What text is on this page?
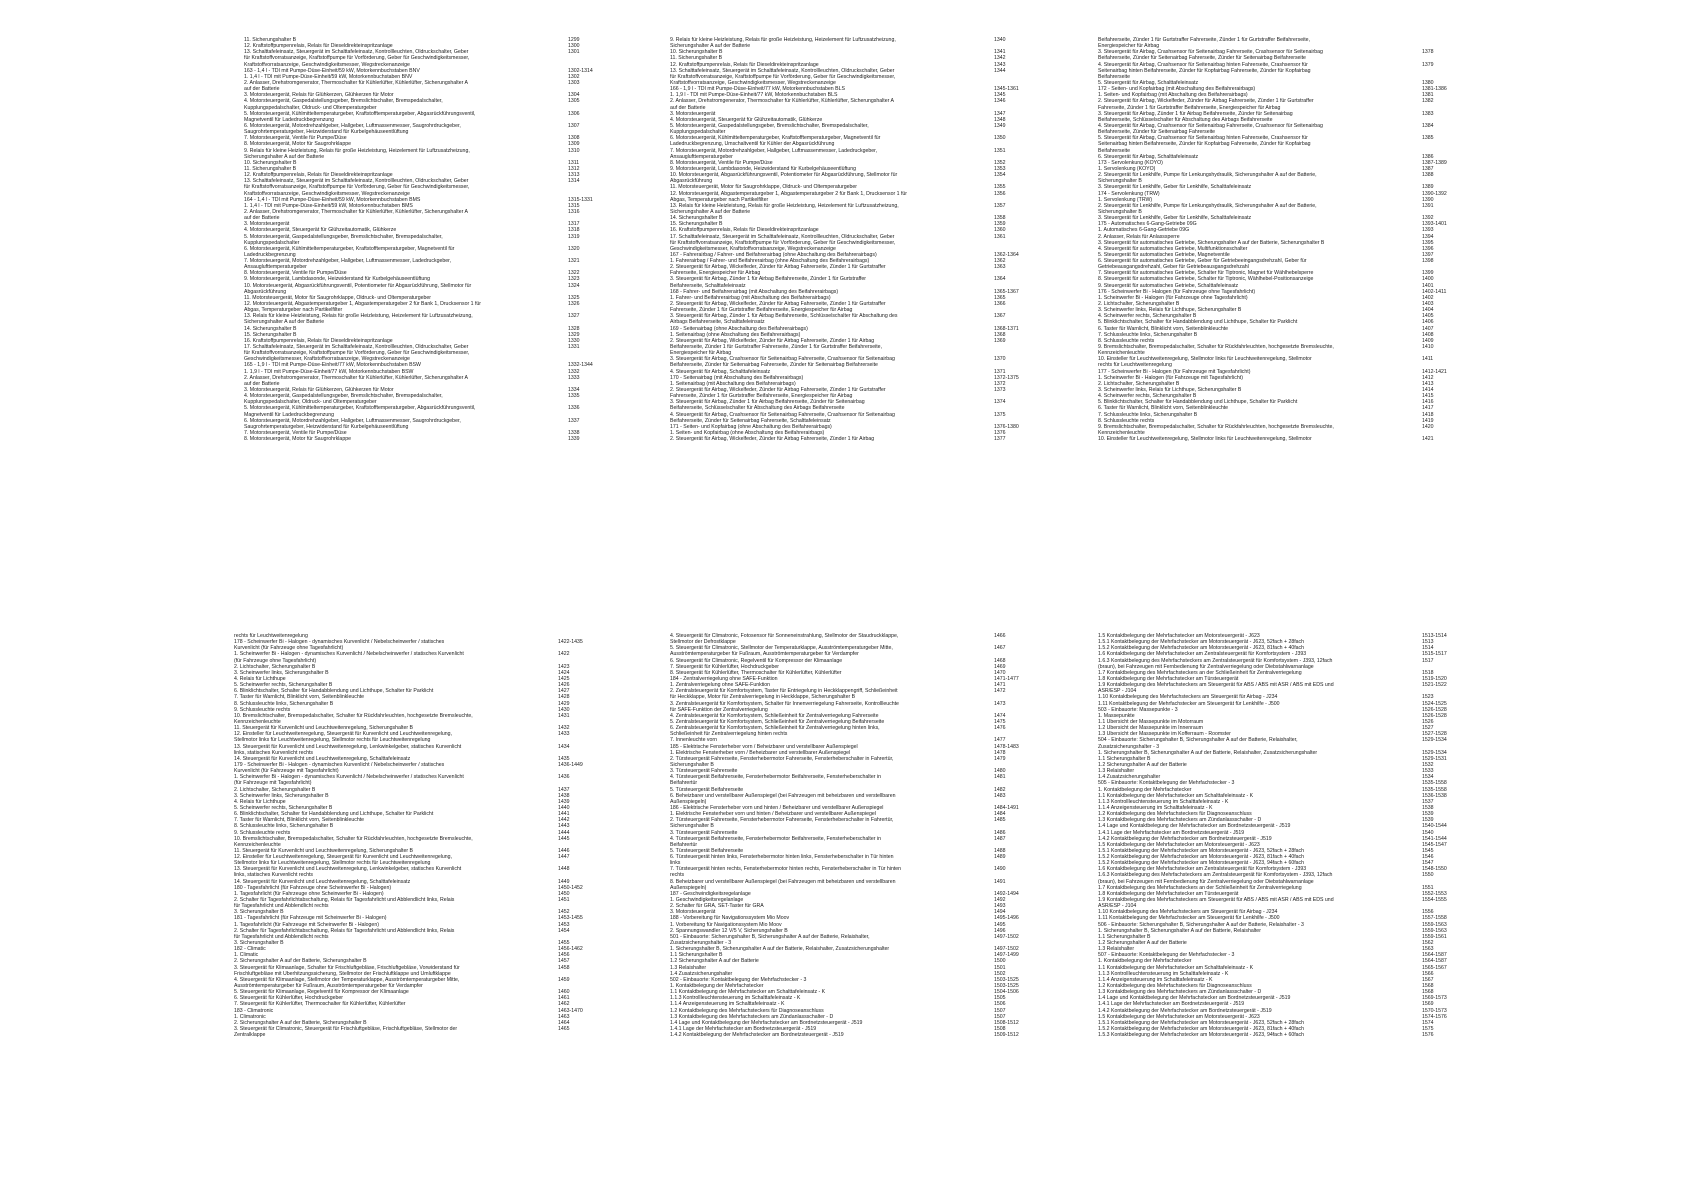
11. Sicherungshalter B	1299
12. Kraftstoffpumpenrelais, Relais für Dieseldirekteinspritzanlage	1300
13. Schalttafeleinsatz, Steuergerät im Schalttafeleinsatz, Kontrollleuchten, Öldruckschalter, Geber	1301
für Kraftstoffvorratsanzeige, Kraftstoffpumpe für Vorförderung, Geber für Geschwindigkeitsmesser,
Kraftstoffvorratsanzeige, Geschwindigkeitsmesser, Wegstreckenanzeige
163 - 1,4 l - TDI mit Pumpe-Düse-Einheit/59 kW, Motorkennbuchstaben BNV	1302-1314
1. 1,4 l - TDI mit Pumpe-Düse-Einheit/59 kW, Motorkennbuchstaben BNV	1302
2. Anlasser, Drehstromgenerator, Thermoschalter für Kühlerlüfter, Kühlerlüfter, Sicherungshalter A	1303
auf der Batterie
3. Motorsteuergerät, Relais für Glühkerzen, Glühkerzen für Motor	1304
4. Motorsteuergerät, Gaspedalstellungsgeber, Bremslichtschalter, Bremspedalschalter,	1305
Kupplungspedalschalter, Öldruck- und Öltemperaturgeber
5. Motorsteuergerät, Kühlmitteltemperaturgeber, Kraftstofftemperaturgeber, Abgasrückführungsventil,	1306
Magnetventil für Ladedruckbegrenzung
6. Motorsteuergerät, Motordrehzahlgeber, Hallgeber, Luftmassenmesser, Saugrohrdruckgeber,	1307
Saugrohrtemperaturgeber, Heizwiderstand für Kurbelgehäuseentlüftung
7. Motorsteuergerät, Ventile für Pumpe/Düse	1308
8. Motorsteuergerät, Motor für Saugrohrklappe	1309
9. Relais für kleine Heizleistung, Relais für große Heizleistung, Heizelement für Luftzusatzheizung,	1310
Sicherungshalter A auf der Batterie
10. Sicherungshalter B	1311
11. Sicherungshalter B	1312
12. Kraftstoffpumpenrelais, Relais für Dieseldirekteinspritzanlage	1313
13. Schalttafeleinsatz, Steuergerät im Schalttafeleinsatz, Kontrollleuchten, Öldruckschalter, Geber	1314
für Kraftstoffvorratsanzeige, Kraftstoffpumpe für Vorförderung, Geber für Geschwindigkeitsmesser,
Kraftstoffvorratsanzeige, Geschwindigkeitsmesser, Wegstreckenanzeige
164 - 1,4 l - TDI mit Pumpe-Düse-Einheit/59 kW, Motorkennbuchstaben BMS	1315-1331
1. 1,4 l - TDI mit Pumpe-Düse-Einheit/59 kW, Motorkennbuchstaben BMS	1315
2. Anlasser, Drehstromgenerator, Thermoschalter für Kühlerlüfter, Kühlerlüfter, Sicherungshalter A	1316
auf der Batterie
3. Motorsteuergerät	1317
4. Motorsteuergerät, Steuergerät für Glühzeitautomatik, Glühkerze	1318
5. Motorsteuergerät, Gaspedalstellungsgeber, Bremslichtschalter, Bremspedalschalter,	1319
Kupplungspedalschalter
6. Motorsteuergerät, Kühlmitteltemperaturgeber, Kraftstofftemperaturgeber, Magnetventil für	1320
Ladedruckbegrenzung
7. Motorsteuergerät, Motordrehzahlgeber, Hallgeber, Luftmassenmesser, Ladedruckgeber,	1321
Ansauglufttemperaturgeber
8. Motorsteuergerät, Ventile für Pumpe/Düse	1322
9. Motorsteuergerät, Lambdasonde, Heizwiderstand für Kurbelgehäuseentlüftung	1323
10. Motorsteuergerät, Abgasrückführungsventil, Potentiometer für Abgasrückführung, Stellmotor für	1324
Abgasrückführung
11. Motorsteuergerät, Motor für Saugrohrklappe, Öldruck- und Öltemperaturgeber	1325
12. Motorsteuergerät, Abgastemperaturgeber 1, Abgastemperaturgeber 2 für Bank 1, Drucksensor 1 für	1326
Abgas, Temperaturgeber nach Partikelfilter
13. Relais für kleine Heizleistung, Relais für große Heizleistung, Heizelement für Luftzusatzheizung,	1327
Sicherungshalter A auf der Batterie
14. Sicherungshalter B	1328
15. Sicherungshalter B	1329
16. Kraftstoffpumpenrelais, Relais für Dieseldirekteinspritzanlage	1330
17. Schalttafeleinsatz, Steuergerät im Schalttafeleinsatz, Kontrollleuchten, Öldruckschalter, Geber	1331
für Kraftstoffvorratsanzeige, Kraftstoffpumpe für Vorförderung, Geber für Geschwindigkeitsmesser,
Geschwindigkeitsmesser, Kraftstoffvorratsanzeige, Wegstreckenanzeige
165 - 1,9 l - TDI mit Pumpe-Düse-Einheit/77 kW, Motorkennbuchstaben BSW	1332-1344
1. 1,9 l - TDI mit Pumpe-Düse-Einheit/77 kW, Motorkennbuchstaben BSW	1332
2. Anlasser, Drehstromgenerator, Thermoschalter für Kühlerlüfter, Kühlerlüfter, Sicherungshalter A	1333
auf der Batterie
3. Motorsteuergerät, Relais für Glühkerzen, Glühkerzen für Motor	1334
4. Motorsteuergerät, Gaspedalstellungsgeber, Bremslichtschalter, Bremspedalschalter,	1335
Kupplungspedalschalter, Öldruck- und Öltemperaturgeber
5. Motorsteuergerät, Kühlmitteltemperaturgeber, Kraftstofftemperaturgeber, Abgasrückführungsventil,	1336
Magnetventil für Ladedruckbegrenzung
6. Motorsteuergerät, Motordrehzahlgeber, Hallgeber, Luftmassenmesser, Saugrohrdruckgeber,	1337
Saugrohrtemperaturgeber, Heizwiderstand für Kurbelgehäuseentlüftung
7. Motorsteuergerät, Ventile für Pumpe/Düse	1338
8. Motorsteuergerät, Motor für Saugrohrklappe	1339
9. Relais für kleine Heizleistung, Relais für große Heizleistung, Heizelement für Luftzusatzheizung,	1340
Sicherungshalter A auf der Batterie
10. Sicherungshalter B	1341
11. Sicherungshalter B	1342
12. Kraftstoffpumpenrelais, Relais für Dieseldirekteinspritzanlage	1343
13. Schalttafeleinsatz, Steuergerät im Schalttafeleinsatz, Kontrollleuchten, Öldruckschalter, Geber	1344
für Kraftstoffvorratsanzeige, Kraftstoffpumpe für Vorförderung, Geber für Geschwindigkeitsmesser,
Kraftstoffvorratsanzeige, Geschwindigkeitsmesser, Wegstreckenanzeige
166 - 1,9 l - TDI mit Pumpe-Düse-Einheit/77 kW, Motorkennbuchstaben BLS	1345-1361
1. 1,9 l - TDI mit Pumpe-Düse-Einheit/77 kW, Motorkennbuchstaben BLS	1345
2. Anlasser, Drehstromgenerator, Thermoschalter für Kühlerlüfter, Kühlerlüfter, Sicherungshalter A	1346
auf der Batterie
3. Motorsteuergerät	1347
4. Motorsteuergerät, Steuergerät für Glühzeitautomatik, Glühkerze	1348
5. Motorsteuergerät, Gaspedalstellungsgeber, Bremslichtschalter, Bremspedalschalter,	1349
Kupplungspedalschalter
6. Motorsteuergerät, Kühlmitteltemperaturgeber, Kraftstofftemperaturgeber, Magnetventil für	1350
Ladedruckbegrenzung, Umschaltventil für Kühler der Abgasrückführung
7. Motorsteuergerät, Motordrehzahlgeber, Hallgeber, Luftmassenmesser, Ladedruckgeber,	1351
Ansauglufttemperaturgeber
8. Motorsteuergerät, Ventile für Pumpe/Düse	1352
9. Motorsteuergerät, Lambdasonde, Heizwiderstand für Kurbelgehäuseentlüftung	1353
10. Motorsteuergerät, Abgasrückführungsventil, Potentiometer für Abgasrückführung, Stellmotor für	1354
Abgasrückführung
11. Motorsteuergerät, Motor für Saugrohrklappe, Öldruck- und Öltemperaturgeber	1355
12. Motorsteuergerät, Abgastemperaturgeber 1, Abgastemperaturgeber 2 für Bank 1, Drucksensor 1 für	1356
Abgas, Temperaturgeber nach Partikelfilter
13. Relais für kleine Heizleistung, Relais für große Heizleistung, Heizelement für Luftzusatzheizung,	1357
Sicherungshalter A auf der Batterie
14. Sicherungshalter B	1358
15. Sicherungshalter B	1359
16. Kraftstoffpumpenrelais, Relais für Dieseldirekteinspritzanlage	1360
17. Schalttafeleinsatz, Steuergerät im Schalttafeleinsatz, Kontrollleuchten, Öldruckschalter, Geber	1361
für Kraftstoffvorratsanzeige, Kraftstoffpumpe für Vorförderung, Geber für Geschwindigkeitsmesser,
Geschwindigkeitsmesser, Kraftstoffvorratsanzeige, Wegstreckenanzeige
167 - Fahrerairbag / Fahrer- und Beifahrerairbag (ohne Abschaltung des Beifahrerairbags)	1362-1364
1. Fahrerairbag / Fahrer- und Beifahrerairbag (ohne Abschaltung des Beifahrerairbags)	1362
2. Steuergerät für Airbag, Wickelfeder, Zünder für Airbag Fahrerseite, Zünder 1 für Gurtstraffer	1363
Fahrerseite, Energiespeicher für Airbag
3. Steuergerät für Airbag, Zünder 1 für Airbag Beifahrerseite, Zünder 1 für Gurtstraffer	1364
Beifahrerseite, Schalttafeleinsatz
168 - Fahrer- und Beifahrerairbag (mit Abschaltung des Beifahrerairbags)	1365-1367
1. Fahrer- und Beifahrerairbag (mit Abschaltung des Beifahrerairbags)	1365
2. Steuergerät für Airbag, Wickelfeder, Zünder für Airbag Fahrerseite, Zünder 1 für Gurtstraffer	1366
Fahrerseite, Zünder 1 für Gurtstraffer Beifahrerseite, Energiespeicher für Airbag
3. Steuergerät für Airbag, Zünder 1 für Airbag Beifahrerseite, Schlüsselschalter für Abschaltung des	1367
Airbags Beifahrerseite, Schalttafeleinsatz
169 - Seitenairbag (ohne Abschaltung des Beifahrerairbags)	1368-1371
1. Seitenairbag (ohne Abschaltung des Beifahrerairbags)	1368
2. Steuergerät für Airbag, Wickelfeder, Zünder für Airbag Fahrerseite, Zünder 1 für Airbag	1369
Beifahrerseite, Zünder 1 für Gurtstraffer Fahrerseite, Zünder 1 für Gurtstraffer Beifahrerseite,
Energiespeicher für Airbag
3. Steuergerät für Airbag, Crashsensor für Seitenairbag Fahrerseite, Crashsensor für Seitenairbag	1370
Beifahrerseite, Zünder für Seitenairbag Fahrerseite, Zünder für Seitenairbag Beifahrerseite
4. Steuergerät für Airbag, Schalttafeleinsatz	1371
170 - Seitenairbag (mit Abschaltung des Beifahrerairbags)	1372-1375
1. Seitenairbag (mit Abschaltung des Beifahrerairbags)	1372
2. Steuergerät für Airbag, Wickelfeder, Zünder für Airbag Fahrerseite, Zünder 1 für Gurtstraffer	1373
Fahrerseite, Zünder 1 für Gurtstraffer Beifahrerseite, Energiespeicher für Airbag
3. Steuergerät für Airbag, Zünder 1 für Airbag Beifahrerseite, Zünder für Seitenairbag	1374
Beifahrerseite, Schlüsselschalter für Abschaltung des Airbags Beifahrerseite
4. Steuergerät für Airbag, Crashsensor für Seitenairbag Fahrerseite, Crashsensor für Seitenairbag	1375
Beifahrerseite, Zünder für Seitenairbag Fahrerseite, Schalttafeleinsatz
171 - Seiten- und Kopfairbag (ohne Abschaltung des Beifahrerairbags)	1376-1380
1. Seiten- und Kopfairbag (ohne Abschaltung des Beifahrerairbags)	1376
2. Steuergerät für Airbag, Wickelfeder, Zünder für Airbag Fahrerseite, Zünder 1 für Airbag	1377
Beifahrerseite, Zünder 1 für Gurtstraffer Fahrerseite, Zünder 1 für Gurtstraffer Beifahrerseite,
Energiespeicher für Airbag
3. Steuergerät für Airbag, Crashsensor für Seitenairbag Fahrerseite, Crashsensor für Seitenairbag	1378
Beifahrerseite, Zünder für Seitenairbag Fahrerseite, Zünder für Seitenairbag Beifahrerseite
4. Steuergerät für Airbag, Crashsensor für Seitenairbag hinten Fahrerseite, Crashsensor für	1379
Seitenairbag hinten Beifahrerseite, Zünder für Kopfairbag Fahrerseite, Zünder für Kopfairbag
Beifahrerseite
5. Steuergerät für Airbag, Schalttafeleinsatz	1380
172 - Seiten- und Kopfairbag (mit Abschaltung des Beifahrerairbags)	1381-1386
1. Seiten- und Kopfairbag (mit Abschaltung des Beifahrerairbags)	1381
2. Steuergerät für Airbag, Wickelfeder, Zünder für Airbag Fahrerseite, Zünder 1 für Gurtstraffer	1382
Fahrerseite, Zünder 1 für Gurtstraffer Beifahrerseite, Energiespeicher für Airbag
3. Steuergerät für Airbag, Zünder 1 für Airbag Beifahrerseite, Zünder für Seitenairbag	1383
Beifahrerseite, Schlüsselschalter für Abschaltung des Airbags Beifahrerseite
4. Steuergerät für Airbag, Crashsensor für Seitenairbag Fahrerseite, Crashsensor für Seitenairbag	1384
Beifahrerseite, Zünder für Seitenairbag Fahrerseite
5. Steuergerät für Airbag, Crashsensor für Seitenairbag hinten Fahrerseite, Crashsensor für	1385
Seitenairbag hinten Beifahrerseite, Zünder für Kopfairbag Fahrerseite, Zünder für Kopfairbag
Beifahrerseite
6. Steuergerät für Airbag, Schalttafeleinsatz	1386
173 - Servolenkung (KOYO)	1387-1389
1. Servolenkung (KOYO)	1387
2. Steuergerät für Lenkhilfe, Pumpe für Lenkungshydraulik, Sicherungshalter A auf der Batterie,	1388
Sicherungshalter B
3. Steuergerät für Lenkhilfe, Geber für Lenkhilfe, Schalttafeleinsatz	1389
174 - Servolenkung (TRW)	1390-1392
1. Servolenkung (TRW)	1390
2. Steuergerät für Lenkhilfe, Pumpe für Lenkungshydraulik, Sicherungshalter A auf der Batterie,	1391
Sicherungshalter B
3. Steuergerät für Lenkhilfe, Geber für Lenkhilfe, Schalttafeleinsatz	1392
175 - Automatisches 6-Gang-Getriebe 09G	1393-1401
1. Automatisches 6-Gang-Getriebe 09G	1393
2. Anlasser, Relais für Anlasssperre	1394
3. Steuergerät für automatisches Getriebe, Sicherungshalter A auf der Batterie, Sicherungshalter B	1395
4. Steuergerät für automatisches Getriebe, Multifunktionsschalter	1396
5. Steuergerät für automatisches Getriebe, Magnetventile	1397
6. Steuergerät für automatisches Getriebe, Geber für Getriebeeingangsdrehzahl, Geber für	1398
Getriebeausgangsdrehzahl, Geber für Getriebeausgangsdrehzahl
7. Steuergerät für automatisches Getriebe, Schalter für Tiptronic, Magnet für Wählhebelsperre	1399
8. Steuergerät für automatisches Getriebe, Schalter für Tiptronic, Wählhebel-Positionsanzeige	1400
9. Steuergerät für automatisches Getriebe, Schalttafeleinsatz	1401
176 - Scheinwerfer Bi - Halogen (für Fahrzeuge ohne Tagesfahrlicht)	1402-1411
1. Scheinwerfer Bi - Halogen (für Fahrzeuge ohne Tagesfahrlicht)	1402
2. Lichtschalter, Sicherungshalter B	1403
3. Scheinwerfer links, Relais für Lichthupe, Sicherungshalter B	1404
4. Scheinwerfer rechts, Sicherungshalter B	1405
5. Blinklichtschalter, Schalter für Handabblendung und Lichthupe, Schalter für Parklicht	1406
6. Taster für Warnlicht, Blinklicht vorn, Seitenblinkleuchte	1407
7. Schlussleuchte links, Sicherungshalter B	1408
8. Schlussleuchte rechts	1409
9. Bremslichtschalter, Bremspedalschalter, Schalter für Rückfahrleuchten, hochgesetzte Bremsleuchte,	1410
Kennzeichenleuchte
10. Einsteller für Leuchtweitenregelung, Stellmotor links für Leuchtweitenregelung, Stellmotor	1411
rechts für Leuchtweitenregelung
177 - Scheinwerfer Bi - Halogen (für Fahrzeuge mit Tagesfahrlicht)	1412-1421
1. Scheinwerfer Bi - Halogen (für Fahrzeuge mit Tagesfahrlicht)	1412
2. Lichtschalter, Sicherungshalter B	1413
3. Scheinwerfer links, Relais für Lichthupe, Sicherungshalter B	1414
4. Scheinwerfer rechts, Sicherungshalter B	1415
5. Blinklichtschalter, Schalter für Handabblendung und Lichthupe, Schalter für Parklicht	1416
6. Taster für Warnlicht, Blinklicht vorn, Seitenblinkleuchte	1417
7. Schlussleuchte links, Sicherungshalter B	1418
8. Schlussleuchte rechts	1419
9. Bremslichtschalter, Bremspedalschalter, Schalter für Rückfahrleuchten, hochgesetzte Bremsleuchte,	1420
Kennzeichenleuchte
10. Einsteller für Leuchtweitenregelung, Stellmotor links für Leuchtweitenregelung, Stellmotor	1421
rechts für Leuchtweitenregelung
178 - Scheinwerfer Bi - Halogen - dynamisches Kurvenlicht / Nebelscheinwerfer / statisches	1422-1435
Kurvenlicht (für Fahrzeuge ohne Tagesfahrlicht)
1. Scheinwerfer Bi - Halogen - dynamisches Kurvenlicht / Nebelscheinwerfer / statisches Kurvenlicht	1422
(für Fahrzeuge ohne Tagesfahrlicht)
2. Lichtschalter, Sicherungshalter B	1423
3. Scheinwerfer links, Sicherungshalter B	1424
4. Relais für Lichthupe	1425
5. Scheinwerfer rechts, Sicherungshalter B	1426
6. Blinklichtschalter, Schalter für Handabblendung und Lichthupe, Schalter für Parklicht	1427
7. Taster für Warnlicht, Blinklicht vorn, Seitenblinkleuchte	1428
8. Schlussleuchte links, Sicherungshalter B	1429
9. Schlussleuchte rechts	1430
10. Bremslichtschalter, Bremspedalschalter, Schalter für Rückfahrleuchten, hochgesetzte Bremsleuchte,	1431
Kennzeichenleuchte
11. Steuergerät für Kurvenlicht und Leuchtweitenregelung, Sicherungshalter B	1432
12. Einsteller für Leuchtweitenregelung, Steuergerät für Kurvenlicht und Leuchtweitenregelung,	1433
Stellmotor links für Leuchtweitenregelung, Stellmotor rechts für Leuchtweitenregelung
13. Steuergerät für Kurvenlicht und Leuchtweitenregelung, Lenkwinkelgeber, statisches Kurvenlicht	1434
links, statisches Kurvenlicht rechts
14. Steuergerät für Kurvenlicht und Leuchtweitenregelung, Schalttafeleinsatz	1435
179 - Scheinwerfer Bi - Halogen - dynamisches Kurvenlicht / Nebelscheinwerfer / statisches	1436-1449
Kurvenlicht (für Fahrzeuge mit Tagesfahrlicht)
1. Scheinwerfer Bi - Halogen - dynamisches Kurvenlicht / Nebelscheinwerfer / statisches Kurvenlicht	1436
(für Fahrzeuge mit Tagesfahrlicht)
2. Lichtschalter, Sicherungshalter B	1437
3. Scheinwerfer links, Sicherungshalter B	1438
4. Relais für Lichthupe	1439
5. Scheinwerfer rechts, Sicherungshalter B	1440
6. Blinklichtschalter, Schalter für Handabblendung und Lichthupe, Schalter für Parklicht	1441
7. Taster für Warnlicht, Blinklicht vorn, Seitenblinkleuchte	1442
8. Schlussleuchte links, Sicherungshalter B	1443
9. Schlussleuchte rechts	1444
10. Bremslichtschalter, Bremspedalschalter, Schalter für Rückfahrleuchten, hochgesetzte Bremsleuchte,	1445
Kennzeichenleuchte
11. Steuergerät für Kurvenlicht und Leuchtweitenregelung, Sicherungshalter B	1446
12. Einsteller für Leuchtweitenregelung, Steuergerät für Kurvenlicht und Leuchtweitenregelung,	1447
Stellmotor links für Leuchtweitenregelung, Stellmotor rechts für Leuchtweitenregelung
13. Steuergerät für Kurvenlicht und Leuchtweitenregelung, Lenkwinkelgeber, statisches Kurvenlicht	1448
links, statisches Kurvenlicht rechts
14. Steuergerät für Kurvenlicht und Leuchtweitenregelung, Schalttafeleinsatz	1449
180 - Tagesfahrlicht (für Fahrzeuge ohne Scheinwerfer Bi - Halogen)	1450-1452
1. Tagesfahrlicht (für Fahrzeuge ohne Scheinwerfer Bi - Halogen)	1450
2. Schalter für Tagesfahrlichtabschaltung, Relais für Tagesfahrlicht und Abblendlicht links, Relais	1451
für Tagesfahrlicht und Abblendlicht rechts
3. Sicherungshalter B	1452
181 - Tagesfahrlicht (für Fahrzeuge mit Scheinwerfer Bi - Halogen)	1453-1455
1. Tagesfahrlicht (für Fahrzeuge mit Scheinwerfer Bi - Halogen)	1453
2. Schalter für Tagesfahrlichtabschaltung, Relais für Tagesfahrlicht und Abblendlicht links, Relais	1454
für Tagesfahrlicht und Abblendlicht rechts
3. Sicherungshalter B	1455
182 - Climatic	1456-1462
1. Climatic	1456
2. Sicherungshalter A auf der Batterie, Sicherungshalter B	1457
3. Steuergerät für Klimaanlage, Schalter für Frischluftgebläse, Frischluftgebläse, Vorwiderstand für	1458
Frischluftgebläse mit Überhitzungssicherung, Stellmotor der Frischluftklappe und Umluftklappe
4. Steuergerät für Klimaanlage, Stellmotor der Temperaturklappe, Ausströmtemperaturgeber Mitte,	1459
Ausströmtemperaturgeber für Fußraum, Ausströmtemperaturgeber für Verdampfer
5. Steuergerät für Klimaanlage, Regelventil für Kompressor der Klimaanlage	1460
6. Steuergerät für Kühlerlüfter, Hochdruckgeber	1461
7. Steuergerät für Kühlerlüfter, Thermoschalter für Kühlerlüfter, Kühlerlüfter	1462
183 - Climatronic	1463-1470
1. Climatronic	1463
2. Sicherungshalter A auf der Batterie, Sicherungshalter B	1464
3. Steuergerät für Climatronic, Steuergerät für Frischluftgebläse, Frischluftgebläse, Stellmotor der	1465
Zentralklappe
4. Steuergerät für Climatronic, Fotosensor für Sonneneinstrahlung, Stellmotor der Staudruckklappe,	1466
Stellmotor der Defrostklappe
5. Steuergerät für Climatronic, Stellmotor der Temperaturklappe, Ausströmtemperaturgeber Mitte,	1467
Ausströmtemperaturgeber für Fußraum, Ausströmtemperaturgeber für Verdampfer
6. Steuergerät für Climatronic, Regelventil für Kompressor der Klimaanlage	1468
7. Steuergerät für Kühlerlüfter, Hochdruckgeber	1469
8. Steuergerät für Kühlerlüfter, Thermoschalter für Kühlerlüfter, Kühlerlüfter	1470
184 - Zentralverriegelung ohne SAFE-Funktion	1471-1477
1. Zentralverriegelung ohne SAFE-Funktion	1471
2. Zentralsteuergerät für Komfortsystem, Taster für Entriegelung in Heckklappengriff, Schließeinheit	1472
für Heckklappe, Motor für Zentralverriegelung in Heckklappe, Sicherungshalter B
3. Zentralsteuergerät für Komfortsystem, Schalter für Innenverriegelung Fahrerseite, Kontrollleuchte	1473
für SAFE-Funktion der Zentralverriegelung
4. Zentralsteuergerät für Komfortsystem, Schließeinheit für Zentralverriegelung Fahrerseite	1474
5. Zentralsteuergerät für Komfortsystem, Schließeinheit für Zentralverriegelung Beifahrerseite	1475
6. Zentralsteuergerät für Komfortsystem, Schließeinheit für Zentralverriegelung hinten links,	1476
Schließeinheit für Zentralverriegelung hinten rechts
7. Innenleuchte vorn	1477
185 - Elektrische Fensterheber vorn / Beheizbarer und verstellbarer Außenspiegel	1478-1483
1. Elektrische Fensterheber vorn / Beheizbarer und verstellbarer Außenspiegel	1478
2. Türsteuergerät Fahrerseite, Fensterhebermotor Fahrerseite, Fensterheberschalter in Fahrertür,	1479
Sicherungshalter B
3. Türsteuergerät Fahrerseite	1480
4. Türsteuergerät Beifahrerseite, Fensterhebermotor Beifahrerseite, Fensterheberschalter in	1481
Beifahrertür
5. Türsteuergerät Beifahrerseite	1482
6. Beheizbarer und verstellbarer Außenspiegel (bei Fahrzeugen mit beheizbaren und verstellbaren	1483
Außenspiegeln)
186 - Elektrische Fensterheber vorn und hinten / Beheizbarer und verstellbarer Außenspiegel	1484-1491
1. Elektrische Fensterheber vorn und hinten / Beheizbarer und verstellbarer Außenspiegel	1484
2. Türsteuergerät Fahrerseite, Fensterhebermotor Fahrerseite, Fensterheberschalter in Fahrertür,	1485
Sicherungshalter B
3. Türsteuergerät Fahrerseite	1486
4. Türsteuergerät Beifahrerseite, Fensterhebermotor Beifahrerseite, Fensterheberschalter in	1487
Beifahrertür
5. Türsteuergerät Beifahrerseite	1488
6. Türsteuergerät hinten links, Fensterhebermotor hinten links, Fensterheberschalter in Tür hinten	1489
links
7. Türsteuergerät hinten rechts, Fensterhebermotor hinten rechts, Fensterheberschalter in Tür hinten	1490
rechts
8. Beheizbarer und verstellbarer Außenspiegel (bei Fahrzeugen mit beheizbaren und verstellbaren	1491
Außenspiegeln)
187 - Geschwindigkeitsregelanlage	1492-1494
1. Geschwindigkeitsregelanlage	1492
2. Schalter für GRA, SET-Taster für GRA	1493
3. Motorsteuergerät	1494
188 - Vorbereitung für Navigationssystem Mio Moov	1495-1496
1. Vorbereitung für Navigationssystem Mio Moov	1495
2. Spannungswandler 12 V/5 V, Sicherungshalter B	1496
501 - Einbauorte: Sicherungshalter B, Sicherungshalter A auf der Batterie, Relaishalter,	1497-1502
Zusatzsicherungshalter - 3
1. Sicherungshalter B, Sicherungshalter A auf der Batterie, Relaishalter, Zusatzsicherungshalter	1497-1502
1.1 Sicherungshalter B	1497-1499
1.2 Sicherungshalter A auf der Batterie	1500
1.3 Relaishalter	1501
1.4 Zusatzsicherungshalter	1502
502 - Einbauorte: Kontaktbelegung der Mehrfachstecker - 3	1503-1525
1. Kontaktbelegung der Mehrfachstecker	1503-1525
1.1 Kontaktbelegung der Mehrfachstecker am Schalttafeleinsatz - K	1504-1506
1.1.3 Kontrollleuchtensteuerung im Schalttafeleinsatz - K	1505
1.1.4 Anzeigensteuerung im Schalttafeleinsatz - K	1506
1.2 Kontaktbelegung des Mehrfachsteckers für Diagnoseanschluss	1507
1.3 Kontaktbelegung des Mehrfachsteckers am Zündanlassschalter - D	1507
1.4 Lage und Kontaktbelegung der Mehrfachstecker am Bordnetzsteuergerät - J519	1508-1512
1.4.1 Lage der Mehrfachstecker am Bordnetzsteuergerät - J519	1508
1.4.2 Kontaktbelegung der Mehrfachstecker am Bordnetzsteuergerät - J519	1509-1512
1.5 Kontaktbelegung der Mehrfachstecker am Motorsteuergerät - J623	1513-1514
1.5.1 Kontaktbelegung der Mehrfachstecker am Motorsteuergerät - J623, 52fach + 28fach	1513
1.5.2 Kontaktbelegung der Mehrfachstecker am Motorsteuergerät - J623, 81fach + 40fach	1514
1.6 Kontaktbelegung der Mehrfachstecker am Zentralsteuergerät für Komfortsystem - J393	1515-1517
1.6.3 Kontaktbelegung des Mehrfachsteckers am Zentralsteuergerät für Komfortsystem - J393, 12fach	1517
(braun), bei Fahrzeugen mit Fernbedienung für Zentralverriegelung oder Diebstahlwarnanlage
1.7 Kontaktbelegung des Mehrfachsteckers an der Schließeinheit für Zentralverriegelung	1518
1.8 Kontaktbelegung der Mehrfachstecker am Türsteuergerät	1519-1520
1.9 Kontaktbelegung des Mehrfachsteckers am Steuergerät für ABS / ABS mit ASR / ABS mit EDS und	1521-1522
ASR/ESP - J104
1.10 Kontaktbelegung des Mehrfachsteckers am Steuergerät für Airbag - J234	1523
1.11 Kontaktbelegung der Mehrfachstecker am Steuergerät für Lenkhilfe - J500	1524-1525
503 - Einbauorte: Massepunkte - 3	1526-1528
1. Massepunkte	1526-1528
1.1 Übersicht der Massepunkte im Motorraum	1526
1.2 Übersicht der Massepunkte im Innenraum	1527
1.3 Übersicht der Massepunkte im Kofferraum - Roomster	1527-1528
504 - Einbauorte: Sicherungshalter B, Sicherungshalter A auf der Batterie, Relaishalter,	1529-1534
Zusatzsicherungshalter - 3
1. Sicherungshalter B, Sicherungshalter A auf der Batterie, Relaishalter, Zusatzsicherungshalter	1529-1534
1.1 Sicherungshalter B	1529-1531
1.2 Sicherungshalter A auf der Batterie	1532
1.3 Relaishalter	1533
1.4 Zusatzsicherungshalter	1534
505 - Einbauorte: Kontaktbelegung der Mehrfachstecker - 3	1535-1558
1. Kontaktbelegung der Mehrfachstecker	1535-1558
1.1 Kontaktbelegung der Mehrfachstecker am Schalttafeleinsatz - K	1536-1538
1.1.3 Kontrollleuchtensteuerung im Schalttafeleinsatz - K	1537
1.1.4 Anzeigensteuerung im Schalttafeleinsatz - K	1538
1.2 Kontaktbelegung des Mehrfachsteckers für Diagnoseanschluss	1539
1.3 Kontaktbelegung des Mehrfachsteckers am Zündanlassschalter - D	1539
1.4 Lage und Kontaktbelegung der Mehrfachstecker am Bordnetzsteuergerät - J519	1540-1544
1.4.1 Lage der Mehrfachstecker am Bordnetzsteuergerät - J519	1540
1.4.2 Kontaktbelegung der Mehrfachstecker am Bordnetzsteuergerät - J519	1541-1544
1.5 Kontaktbelegung der Mehrfachstecker am Motorsteuergerät - J623	1545-1547
1.5.1 Kontaktbelegung der Mehrfachstecker am Motorsteuergerät - J623, 52fach + 28fach	1545
1.5.2 Kontaktbelegung der Mehrfachstecker am Motorsteuergerät - J623, 81fach + 40fach	1546
1.5.2 Kontaktbelegung der Mehrfachstecker am Motorsteuergerät - J623, 94fach + 60fach	1547
1.6 Kontaktbelegung der Mehrfachstecker am Zentralsteuergerät für Komfortsystem - J393	1548-1550
1.6.3 Kontaktbelegung des Mehrfachsteckers am Zentralsteuergerät für Komfortsystem - J393, 12fach	1550
(braun), bei Fahrzeugen mit Fernbedienung für Zentralverriegelung oder Diebstahlwarnanlage
1.7 Kontaktbelegung des Mehrfachsteckers an der Schließeinheit für Zentralverriegelung	1551
1.8 Kontaktbelegung der Mehrfachstecker am Türsteuergerät	1552-1553
1.9 Kontaktbelegung des Mehrfachsteckers am Steuergerät für ABS / ABS mit ASR / ABS mit EDS und	1554-1555
ASR/ESP - J104
1.10 Kontaktbelegung des Mehrfachsteckers am Steuergerät für Airbag - J234	1556
1.11 Kontaktbelegung der Mehrfachstecker am Steuergerät für Lenkhilfe - J500	1557-1558
506 - Einbauorte: Sicherungshalter B, Sicherungshalter A auf der Batterie, Relaishalter - 3	1559-1563
1. Sicherungshalter B, Sicherungshalter A auf der Batterie, Relaishalter	1559-1563
1.1 Sicherungshalter B	1559-1561
1.2 Sicherungshalter A auf der Batterie	1562
1.3 Relaishalter	1563
507 - Einbauorte: Kontaktbelegung der Mehrfachstecker - 3	1564-1587
1. Kontaktbelegung der Mehrfachstecker	1564-1587
1.1 Kontaktbelegung der Mehrfachstecker am Schalttafeleinsatz - K	1565-1567
1.1.3 Kontrollleuchtensteuerung im Schalttafeleinsatz - K	1566
1.1.4 Anzeigensteuerung im Schalttafeleinsatz - K	1567
1.2 Kontaktbelegung des Mehrfachsteckers für Diagnoseanschluss	1568
1.3 Kontaktbelegung des Mehrfachsteckers am Zündanlassschalter - D	1568
1.4 Lage und Kontaktbelegung der Mehrfachstecker am Bordnetzsteuergerät - J519	1569-1573
1.4.1 Lage der Mehrfachstecker am Bordnetzsteuergerät - J519	1569
1.4.2 Kontaktbelegung der Mehrfachstecker am Bordnetzsteuergerät - J519	1570-1573
1.5 Kontaktbelegung der Mehrfachstecker am Motorsteuergerät - J623	1574-1576
1.5.1 Kontaktbelegung der Mehrfachstecker am Motorsteuergerät - J623, 52fach + 28fach	1574
1.5.2 Kontaktbelegung der Mehrfachstecker am Motorsteuergerät - J623, 81fach + 40fach	1575
1.5.3 Kontaktbelegung der Mehrfachstecker am Motorsteuergerät - J623, 94fach + 60fach	1576
